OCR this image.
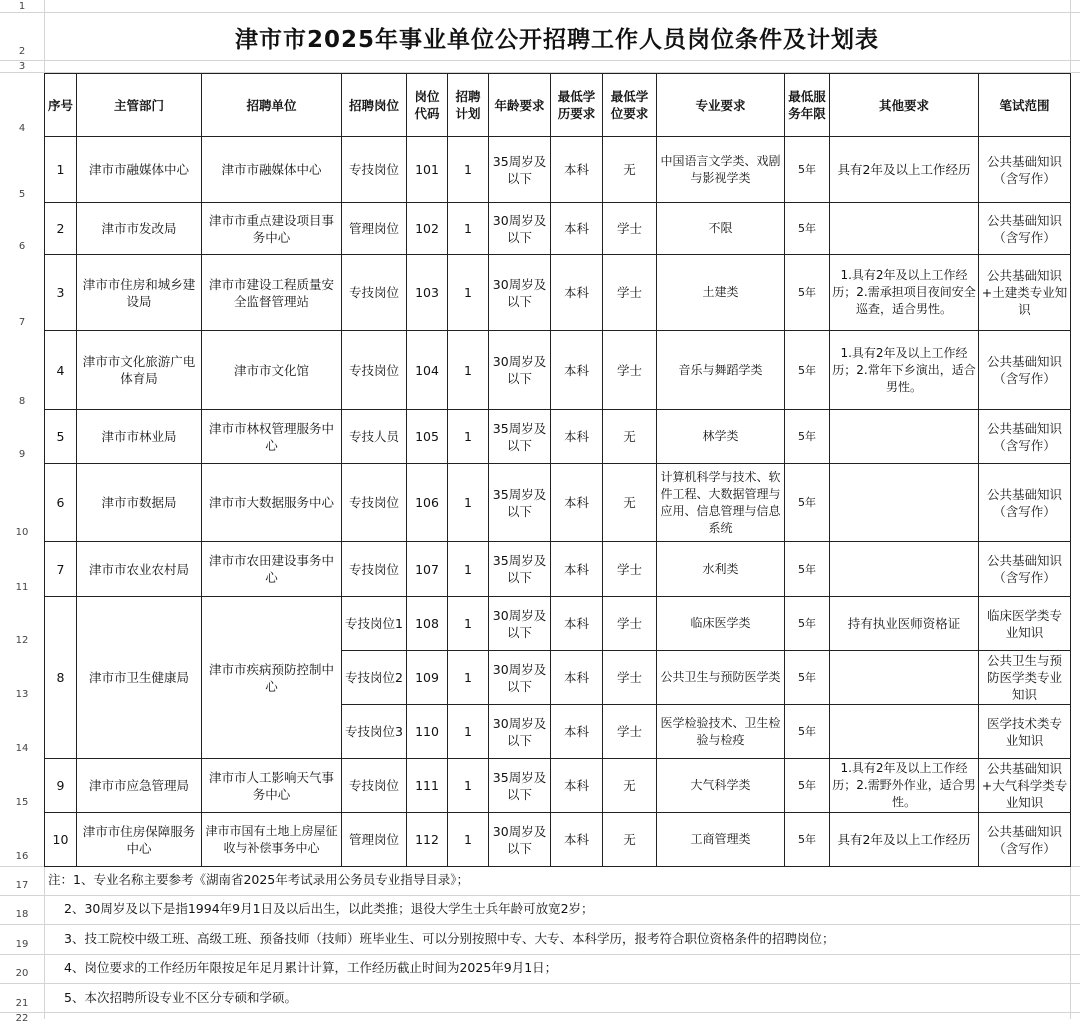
1
2
3
4
5
6
7
8
9
10
11
12
13
14
15
16
17
18
19
20
21
22
津市市2025年事业单位公开招聘工作人员岗位条件及计划表
序号	主管部门	招聘单位	招聘岗位	岗位代码	招聘计划	年龄要求	最低学历要求	最低学位要求	专业要求	最低服务年限	其他要求	笔试范围
1	津市市融媒体中心	津市市融媒体中心	专技岗位	101	1	35周岁及以下	本科	无	中国语言文学类、戏剧与影视学类	5年	具有2年及以上工作经历	公共基础知识（含写作）
2	津市市发改局	津市市重点建设项目事务中心	管理岗位	102	1	30周岁及以下	本科	学士	不限	5年		公共基础知识（含写作）
3	津市市住房和城乡建设局	津市市建设工程质量安全监督管理站	专技岗位	103	1	30周岁及以下	本科	学士	土建类	5年	1.具有2年及以上工作经历；2.需承担项目夜间安全巡查，适合男性。	公共基础知识+土建类专业知识
4	津市市文化旅游广电体育局	津市市文化馆	专技岗位	104	1	30周岁及以下	本科	学士	音乐与舞蹈学类	5年	1.具有2年及以上工作经历；2.常年下乡演出，适合男性。	公共基础知识（含写作）
5	津市市林业局	津市市林权管理服务中心	专技人员	105	1	35周岁及以下	本科	无	林学类	5年		公共基础知识（含写作）
6	津市市数据局	津市市大数据服务中心	专技岗位	106	1	35周岁及以下	本科	无	计算机科学与技术、软件工程、大数据管理与应用、信息管理与信息系统	5年		公共基础知识（含写作）
7	津市市农业农村局	津市市农田建设事务中心	专技岗位	107	1	35周岁及以下	本科	学士	水利类	5年		公共基础知识（含写作）
8	津市市卫生健康局	津市市疾病预防控制中心	专技岗位1	108	1	30周岁及以下	本科	学士	临床医学类	5年	持有执业医师资格证	临床医学类专业知识
			专技岗位2	109	1	30周岁及以下	本科	学士	公共卫生与预防医学类	5年		公共卫生与预防医学类专业知识
			专技岗位3	110	1	30周岁及以下	本科	学士	医学检验技术、卫生检验与检疫	5年		医学技术类专业知识
9	津市市应急管理局	津市市人工影响天气事务中心	专技岗位	111	1	35周岁及以下	本科	无	大气科学类	5年	1.具有2年及以上工作经历；2.需野外作业，适合男性。	公共基础知识+大气科学类专业知识
10	津市市住房保障服务中心	津市市国有土地上房屋征收与补偿事务中心	管理岗位	112	1	30周岁及以下	本科	无	工商管理类	5年	具有2年及以上工作经历	公共基础知识（含写作）
注：1、专业名称主要参考《湖南省2025年考试录用公务员专业指导目录》；
2、30周岁及以下是指1994年9月1日及以后出生，以此类推；退役大学生士兵年龄可放宽2岁；
3、技工院校中级工班、高级工班、预备技师（技师）班毕业生、可以分别按照中专、大专、本科学历，报考符合职位资格条件的招聘岗位；
4、岗位要求的工作经历年限按足年足月累计计算，工作经历截止时间为2025年9月1日；
5、本次招聘所设专业不区分专硕和学硕。
